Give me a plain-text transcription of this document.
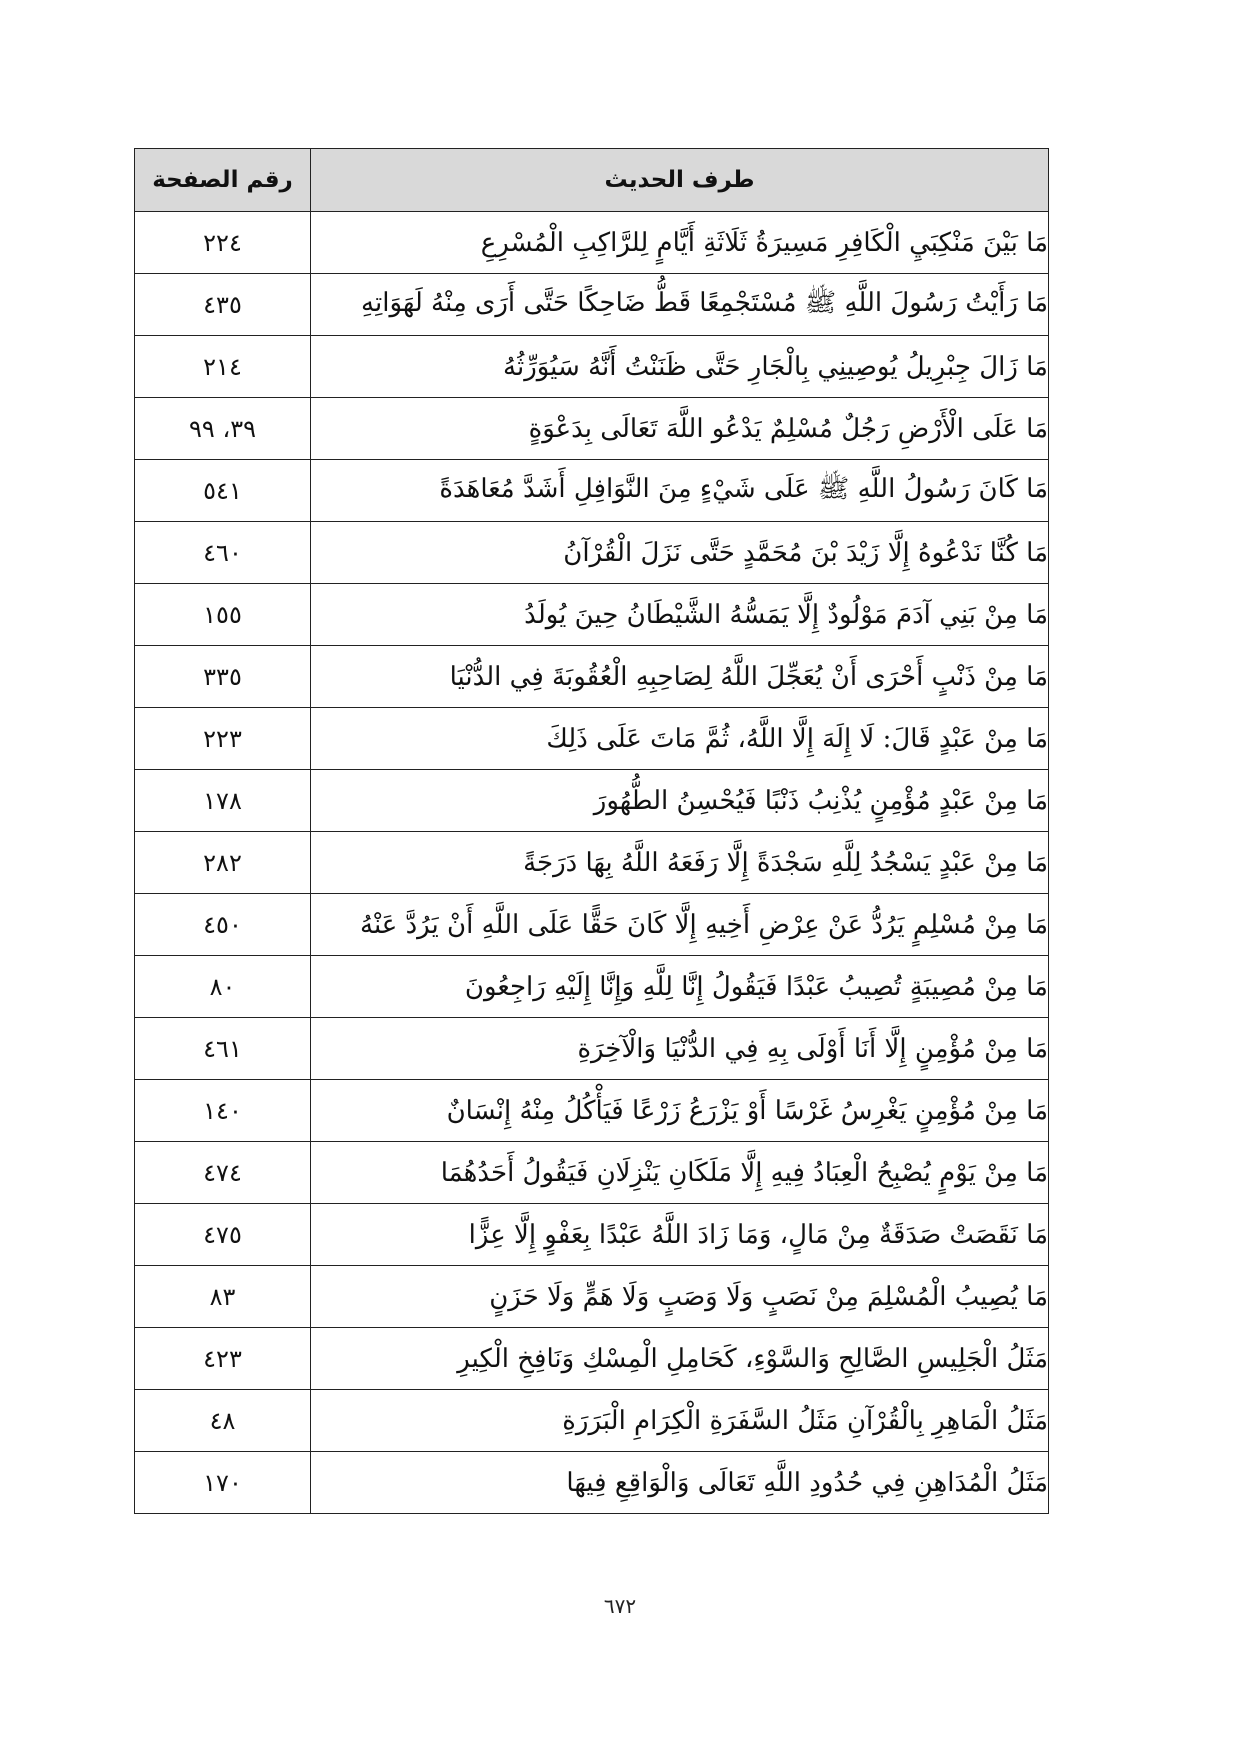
طرف الحديث	رقم الصفحة
مَا بَيْنَ مَنْكِبَيِ الْكَافِرِ مَسِيرَةُ ثَلَاثَةِ أَيَّامٍ لِلرَّاكِبِ الْمُسْرِعِ	٢٢٤
مَا رَأَيْتُ رَسُولَ اللَّهِ ﷺ مُسْتَجْمِعًا قَطُّ ضَاحِكًا حَتَّى أَرَى مِنْهُ لَهَوَاتِهِ	٤٣٥
مَا زَالَ جِبْرِيلُ يُوصِينِي بِالْجَارِ حَتَّى ظَنَنْتُ أَنَّهُ سَيُوَرِّثُهُ	٢١٤
مَا عَلَى الْأَرْضِ رَجُلٌ مُسْلِمٌ يَدْعُو اللَّهَ تَعَالَى بِدَعْوَةٍ	٣٩، ٩٩
مَا كَانَ رَسُولُ اللَّهِ ﷺ عَلَى شَيْءٍ مِنَ النَّوَافِلِ أَشَدَّ مُعَاهَدَةً	٥٤١
مَا كُنَّا نَدْعُوهُ إِلَّا زَيْدَ بْنَ مُحَمَّدٍ حَتَّى نَزَلَ الْقُرْآنُ	٤٦٠
مَا مِنْ بَنِي آدَمَ مَوْلُودٌ إِلَّا يَمَسُّهُ الشَّيْطَانُ حِينَ يُولَدُ	١٥٥
مَا مِنْ ذَنْبٍ أَحْرَى أَنْ يُعَجِّلَ اللَّهُ لِصَاحِبِهِ الْعُقُوبَةَ فِي الدُّنْيَا	٣٣٥
مَا مِنْ عَبْدٍ قَالَ: لَا إِلَهَ إِلَّا اللَّهُ، ثُمَّ مَاتَ عَلَى ذَلِكَ	٢٢٣
مَا مِنْ عَبْدٍ مُؤْمِنٍ يُذْنِبُ ذَنْبًا فَيُحْسِنُ الطُّهُورَ	١٧٨
مَا مِنْ عَبْدٍ يَسْجُدُ لِلَّهِ سَجْدَةً إِلَّا رَفَعَهُ اللَّهُ بِهَا دَرَجَةً	٢٨٢
مَا مِنْ مُسْلِمٍ يَرُدُّ عَنْ عِرْضِ أَخِيهِ إِلَّا كَانَ حَقًّا عَلَى اللَّهِ أَنْ يَرُدَّ عَنْهُ	٤٥٠
مَا مِنْ مُصِيبَةٍ تُصِيبُ عَبْدًا فَيَقُولُ إِنَّا لِلَّهِ وَإِنَّا إِلَيْهِ رَاجِعُونَ	٨٠
مَا مِنْ مُؤْمِنٍ إِلَّا أَنَا أَوْلَى بِهِ فِي الدُّنْيَا وَالْآخِرَةِ	٤٦١
مَا مِنْ مُؤْمِنٍ يَغْرِسُ غَرْسًا أَوْ يَزْرَعُ زَرْعًا فَيَأْكُلُ مِنْهُ إِنْسَانٌ	١٤٠
مَا مِنْ يَوْمٍ يُصْبِحُ الْعِبَادُ فِيهِ إِلَّا مَلَكَانِ يَنْزِلَانِ فَيَقُولُ أَحَدُهُمَا	٤٧٤
مَا نَقَصَتْ صَدَقَةٌ مِنْ مَالٍ، وَمَا زَادَ اللَّهُ عَبْدًا بِعَفْوٍ إِلَّا عِزًّا	٤٧٥
مَا يُصِيبُ الْمُسْلِمَ مِنْ نَصَبٍ وَلَا وَصَبٍ وَلَا هَمٍّ وَلَا حَزَنٍ	٨٣
مَثَلُ الْجَلِيسِ الصَّالِحِ وَالسَّوْءِ، كَحَامِلِ الْمِسْكِ وَنَافِخِ الْكِيرِ	٤٢٣
مَثَلُ الْمَاهِرِ بِالْقُرْآنِ مَثَلُ السَّفَرَةِ الْكِرَامِ الْبَرَرَةِ	٤٨
مَثَلُ الْمُدَاهِنِ فِي حُدُودِ اللَّهِ تَعَالَى وَالْوَاقِعِ فِيهَا	١٧٠
٦٧٢
